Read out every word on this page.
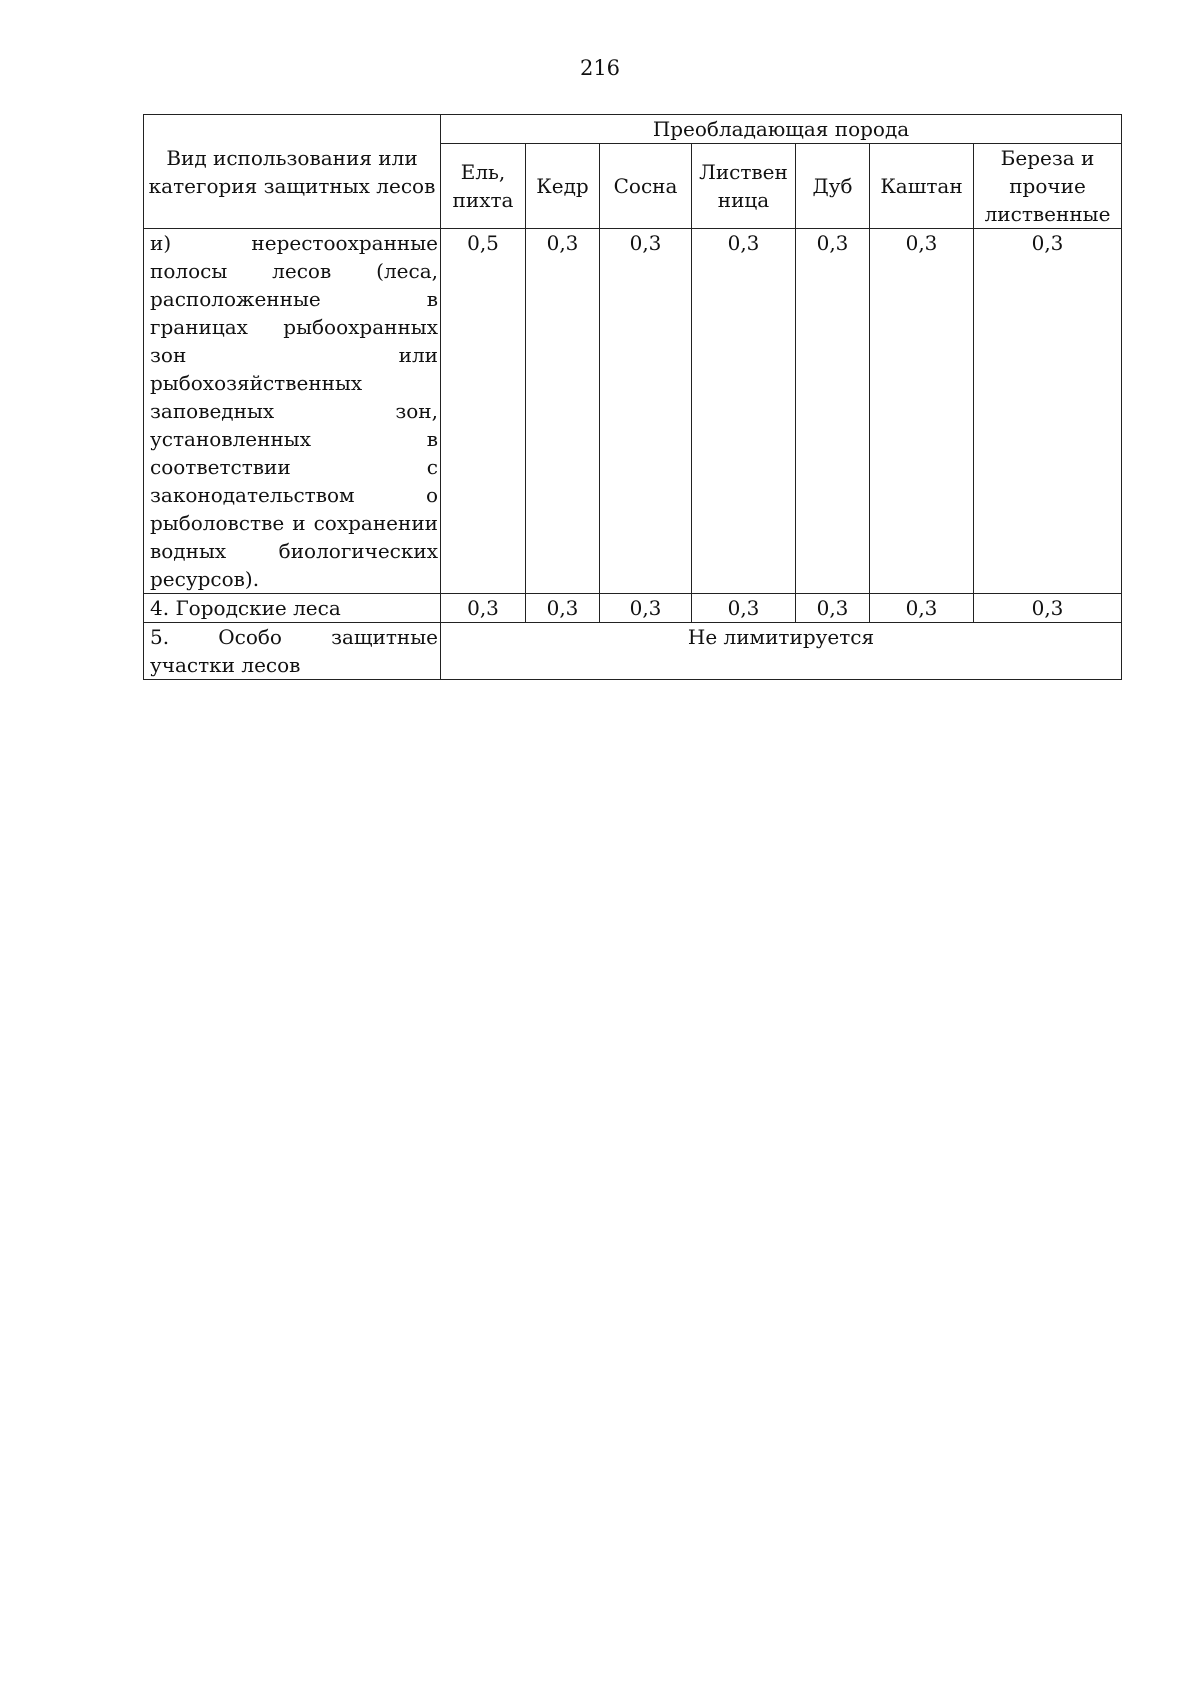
216
Вид использования или категория защитных лесов	Преобладающая порода						
	Ель, пихта	Кедр	Сосна	Листвен ница	Дуб	Каштан	Береза и прочие лиственные
и) нерестоохранные полосы лесов (леса, расположенные в границах рыбоохранных зон или рыбохозяйственных заповедных зон, установленных в соответствии с законодательством о рыболовстве и сохранении водных биологических ресурсов).	0,5	0,3	0,3	0,3	0,3	0,3	0,3
4. Городские леса	0,3	0,3	0,3	0,3	0,3	0,3	0,3
5. Особо защитные участки лесов	Не лимитируется						
